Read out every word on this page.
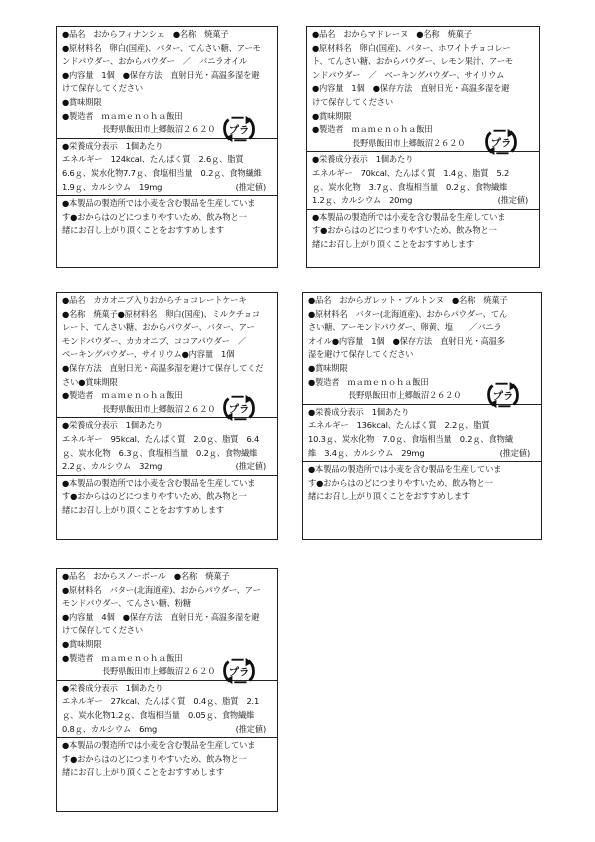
●品名　おからフィナンシェ　●名称　焼菓子
●原材料名　卵白(国産)、バター、てんさい糖、アーモ
ンドパウダー、おからパウダー　／　バニラオイル
●内容量　1個　●保存方法　直射日光・高温多湿を避
けて保存してください
●賞味期限
●製造者　ｍａｍｅｎｏｈａ飯田
長野県飯田市上郷飯沼２６２０	プラ
●栄養成分表示　1個あたり
エネルギー　124kcal、たんぱく質　2.6ｇ、脂質
6.6ｇ、炭水化物7.7ｇ、食塩相当量　0.2ｇ、食物繊維
1.9ｇ、カルシウム　19mg	(推定値)
●本製品の製造所では小麦を含む製品を生産していま
す●おからはのどにつまりやすいため、飲み物と一
緒にお召し上がり頂くことをおすすめします
●品名　おからマドレーヌ　●名称　焼菓子
●原材料名　卵白(国産)、バター、ホワイトチョコレー
ト、てんさい糖、おからパウダー、レモン果汁、アーモ
ンドパウダー　／　ベーキングパウダー、サイリウム
●内容量　1個　●保存方法　直射日光・高温多湿を避
けて保存してください
●賞味期限
●製造者　ｍａｍｅｎｏｈａ飯田
長野県飯田市上郷飯沼２６２０	プラ
●栄養成分表示　1個あたり
エネルギー　70kcal、たんぱく質　1.4ｇ、脂質　5.2
ｇ、炭水化物　3.7ｇ、食塩相当量　0.2ｇ、食物繊維
1.2ｇ、カルシウム　20mg	(推定値)
●本製品の製造所では小麦を含む製品を生産していま
す●おからはのどにつまりやすいため、飲み物と一
緒にお召し上がり頂くことをおすすめします
●品名　カカオニブ入りおからチョコレートケーキ
●名称　焼菓子●原材料名　卵白(国産)、ミルクチョコ
レート、てんさい糖、おからパウダー、バター、アー
モンドパウダー、カカオニブ、ココアパウダー　／
ベーキングパウダー、サイリウム●内容量　1個
●保存方法　直射日光・高温多湿を避けて保存してくだ
さい●賞味期限
●製造者　ｍａｍｅｎｏｈａ飯田
長野県飯田市上郷飯沼２６２０	プラ
●栄養成分表示　1個あたり
エネルギー　95kcal、たんぱく質　2.0ｇ、脂質　6.4
ｇ、炭水化物　6.3ｇ、食塩相当量　0.2ｇ、食物繊維
2.2ｇ、カルシウム　32mg	(推定値)
●本製品の製造所では小麦を含む製品を生産していま
す●おからはのどにつまりやすいため、飲み物と一
緒にお召し上がり頂くことをおすすめします
●品名　おからガレット・ブルトンヌ　●名称　焼菓子
●原材料名　バター(北海道産)、おからパウダー、てん
さい糖、アーモンドパウダー、卵黄、塩　　／バニラ
オイル●内容量　1個　●保存方法　直射日光・高温多
湿を避けて保存してください
●賞味期限
●製造者　ｍａｍｅｎｏｈａ飯田
長野県飯田市上郷飯沼２６２０	プラ
●栄養成分表示　1個あたり
エネルギー　136kcal、たんぱく質　2.2ｇ、脂質
10.3ｇ、炭水化物　7.0ｇ、食塩相当量　0.2ｇ、食物繊
維　3.4ｇ、カルシウム　29mg	(推定値)
●本製品の製造所では小麦を含む製品を生産していま
す●おからはのどにつまりやすいため、飲み物と一
緒にお召し上がり頂くことをおすすめします
●品名　おからスノーボール　●名称　焼菓子
●原材料名　バター(北海道産)、おからパウダー、アー
モンドパウダー、てんさい糖、粉糖
●内容量　4個　●保存方法　直射日光・高温多湿を避
けて保存してください
●賞味期限
●製造者　ｍａｍｅｎｏｈａ飯田
長野県飯田市上郷飯沼２６２０	プラ
●栄養成分表示　1個あたり
エネルギー　27kcal、たんぱく質　0.4ｇ、脂質　2.1
ｇ、炭水化物1.2ｇ、食塩相当量　0.05ｇ、食物繊維
0.8ｇ、カルシウム　6mg	(推定値)
●本製品の製造所では小麦を含む製品を生産していま
す●おからはのどにつまりやすいため、飲み物と一
緒にお召し上がり頂くことをおすすめします
